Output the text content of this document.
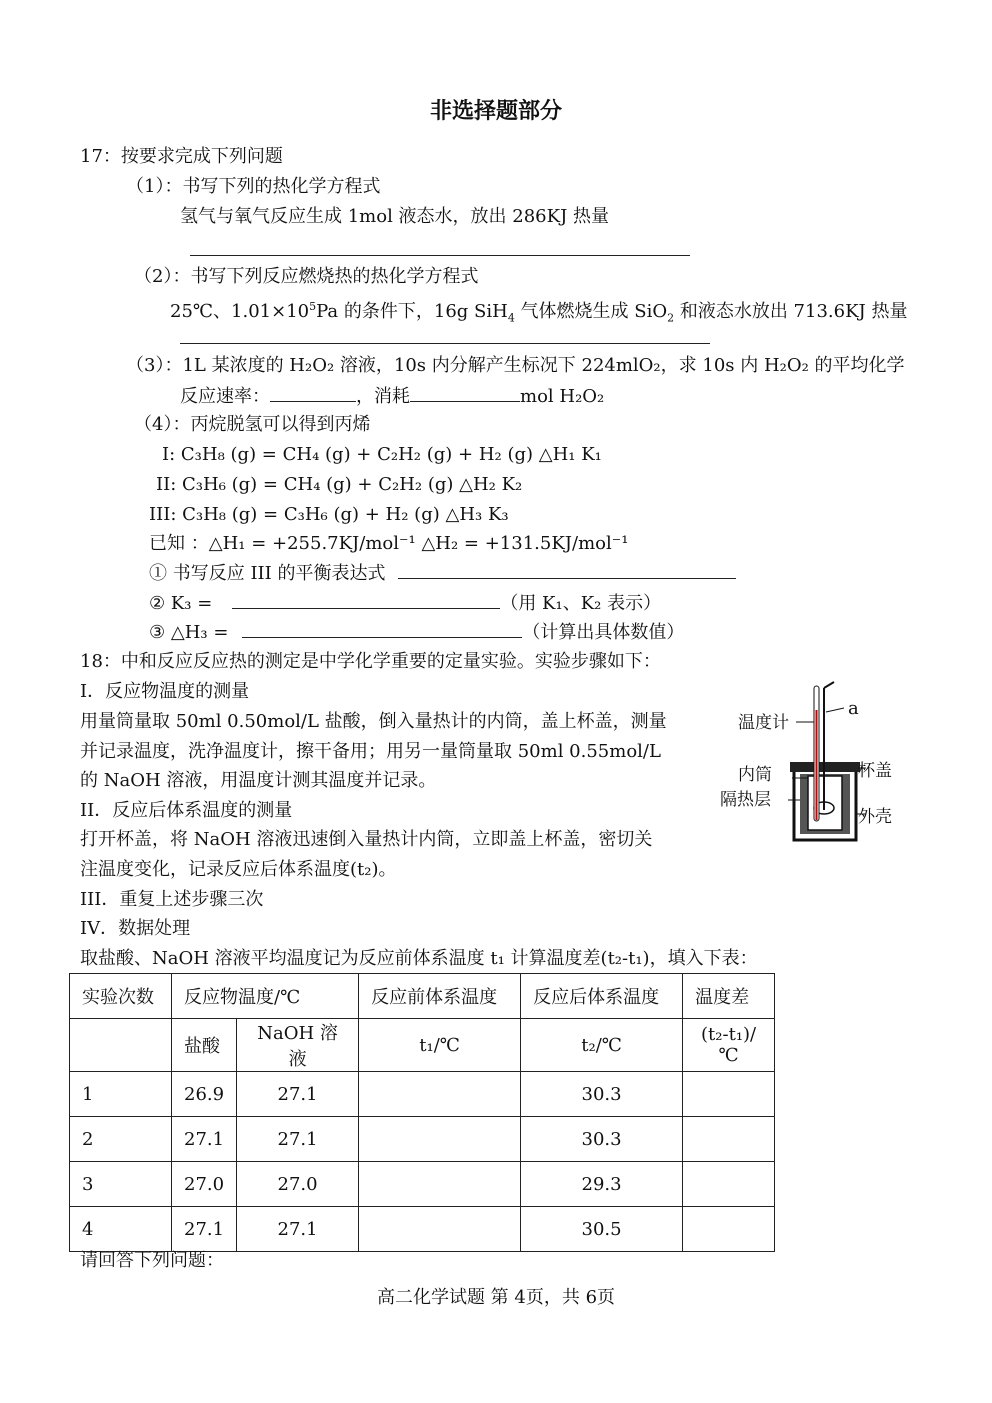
非选择题部分
17：按要求完成下列问题
（1）：书写下列的热化学方程式
氢气与氧气反应生成 1mol 液态水，放出 286KJ 热量
（2）：书写下列反应燃烧热的热化学方程式
25℃、$1.01\times 10^5Pa$ 的条件下，16g SiH$_4$ 气体燃烧生成 SiO$_2$ 和液态水放出 713.6KJ 热量
（3）：1L 某浓度的 H₂O₂ 溶液，10s 内分解产生标况下 224mlO₂，求 10s 内 H₂O₂ 的平均化学
反应速率：	，消耗	mol H₂O₂
（4）：丙烷脱氢可以得到丙烯
I: C₃H₈ (g) = CH₄ (g) + C₂H₂ (g) + H₂ (g) △H₁ K₁
II: C₃H₆ (g) = CH₄ (g) + C₂H₂ (g) △H₂ K₂
III: C₃H₈ (g) = C₃H₆ (g) + H₂ (g) △H₃ K₃
已知 ：△H₁ = +255.7KJ/mol⁻¹ △H₂ = +131.5KJ/mol⁻¹
① 书写反应 III 的平衡表达式
② K₃ =	（用 K₁、K₂ 表示）
③ △H₃ =	（计算出具体数值）
18：中和反应反应热的测定是中学化学重要的定量实验。实验步骤如下：
I．反应物温度的测量
用量筒量取 50ml 0.50mol/L 盐酸，倒入量热计的内筒，盖上杯盖，测量
并记录温度，洗净温度计，擦干备用；用另一量筒量取 50ml 0.55mol/L
的 NaOH 溶液，用温度计测其温度并记录。
II．反应后体系温度的测量
打开杯盖，将 NaOH 溶液迅速倒入量热计内筒，立即盖上杯盖，密切关
注温度变化，记录反应后体系温度(t₂)。
III．重复上述步骤三次
IV．数据处理
取盐酸、NaOH 溶液平均温度记为反应前体系温度 t₁ 计算温度差(t₂-t₁)，填入下表：
温度计
a
杯盖
内筒
隔热层
外壳
实验次数	反应物温度/℃		反应前体系温度	反应后体系温度	温度差
	盐酸	NaOH 溶液	t₁/℃	t₂/℃	(t₂-t₁)/℃
1	26.9	27.1		30.3	
2	27.1	27.1		30.3	
3	27.0	27.0		29.3	
4	27.1	27.1		30.5	
请回答下列问题：
高二化学试题 第 4页，共 6页
